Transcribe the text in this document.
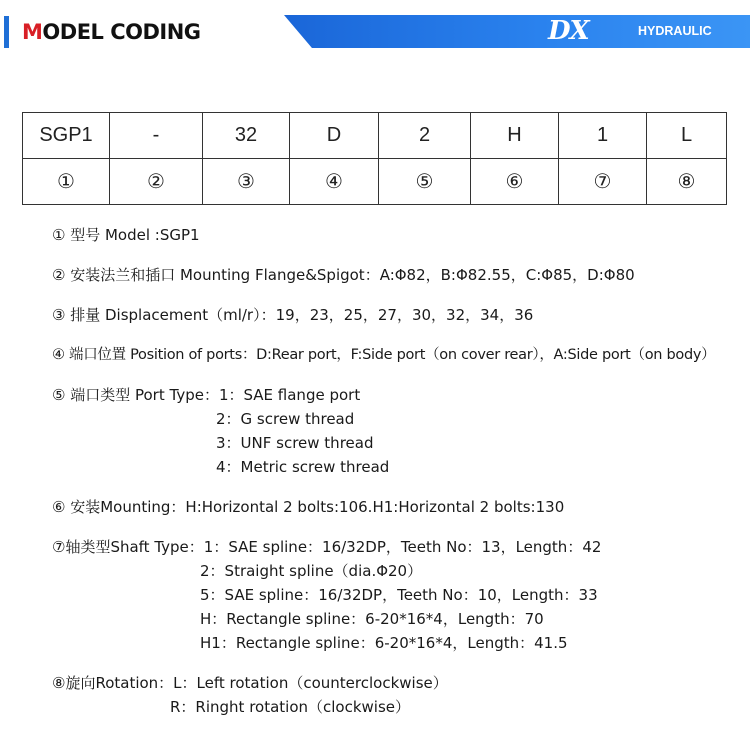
MODEL CODING	DX	HYDRAULIC
SGP1	-	32	D	2	H	1	L
①	②	③	④	⑤	⑥	⑦	⑧
① 型号 Model :SGP1
② 安装法兰和插口 Mounting Flange&Spigot：A:Φ82，B:Φ82.55，C:Φ85，D:Φ80
③ 排量 Displacement（ml/r）：19，23，25，27，30，32，34，36
④ 端口位置 Position of ports：D:Rear port，F:Side port（on cover rear），A:Side port（on body）
⑤ 端口类型 Port Type：1：SAE flange port
2：G screw thread
3：UNF screw thread
4：Metric screw thread
⑥ 安装Mounting：H:Horizontal 2 bolts:106.H1:Horizontal 2 bolts:130
⑦轴类型Shaft Type：1：SAE spline：16/32DP，Teeth No：13，Length：42
2：Straight spline（dia.Φ20）
5：SAE spline：16/32DP，Teeth No：10，Length：33
H：Rectangle spline：6-20*16*4，Length：70
H1：Rectangle spline：6-20*16*4，Length：41.5
⑧旋向Rotation：L：Left rotation（counterclockwise）
R：Ringht rotation（clockwise）
